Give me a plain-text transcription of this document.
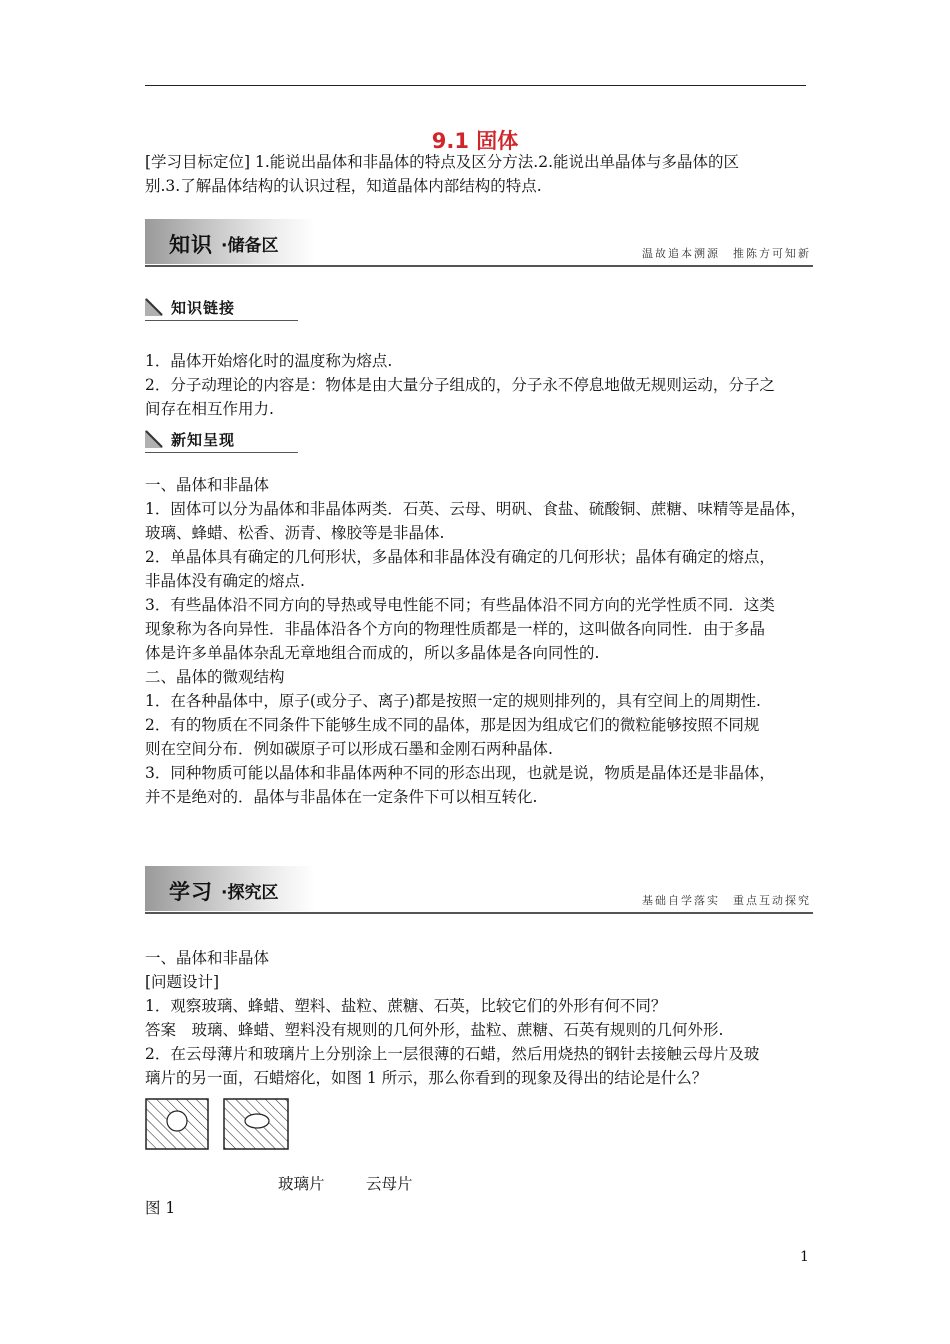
9.1 固体

[学习目标定位] 1.能说出晶体和非晶体的特点及区分方法.2.能说出单晶体与多晶体的区

别.3.了解晶体结构的认识过程，知道晶体内部结构的特点.

知识 ·储备区	温故追本溯源　推陈方可知新
知识链接

1．晶体开始熔化时的温度称为熔点.

2．分子动理论的内容是：物体是由大量分子组成的，分子永不停息地做无规则运动，分子之

间存在相互作用力.

新知呈现

一、晶体和非晶体

1．固体可以分为晶体和非晶体两类．石英、云母、明矾、食盐、硫酸铜、蔗糖、味精等是晶体，

玻璃、蜂蜡、松香、沥青、橡胶等是非晶体.

2．单晶体具有确定的几何形状，多晶体和非晶体没有确定的几何形状；晶体有确定的熔点，

非晶体没有确定的熔点.

3．有些晶体沿不同方向的导热或导电性能不同；有些晶体沿不同方向的光学性质不同．这类

现象称为各向异性．非晶体沿各个方向的物理性质都是一样的，这叫做各向同性．由于多晶

体是许多单晶体杂乱无章地组合而成的，所以多晶体是各向同性的.

二、晶体的微观结构

1．在各种晶体中，原子(或分子、离子)都是按照一定的规则排列的，具有空间上的周期性.

2．有的物质在不同条件下能够生成不同的晶体，那是因为组成它们的微粒能够按照不同规

则在空间分布．例如碳原子可以形成石墨和金刚石两种晶体.

3．同种物质可能以晶体和非晶体两种不同的形态出现，也就是说，物质是晶体还是非晶体，

并不是绝对的．晶体与非晶体在一定条件下可以相互转化.

学习 ·探究区	基础自学落实　重点互动探究

一、晶体和非晶体

[问题设计]

1．观察玻璃、蜂蜡、塑料、盐粒、蔗糖、石英，比较它们的外形有何不同？

答案　玻璃、蜂蜡、塑料没有规则的几何外形，盐粒、蔗糖、石英有规则的几何外形.

2．在云母薄片和玻璃片上分别涂上一层很薄的石蜡，然后用烧热的钢针去接触云母片及玻

璃片的另一面，石蜡熔化，如图 1 所示，那么你看到的现象及得出的结论是什么？

玻璃片	云母片
图 1
1
